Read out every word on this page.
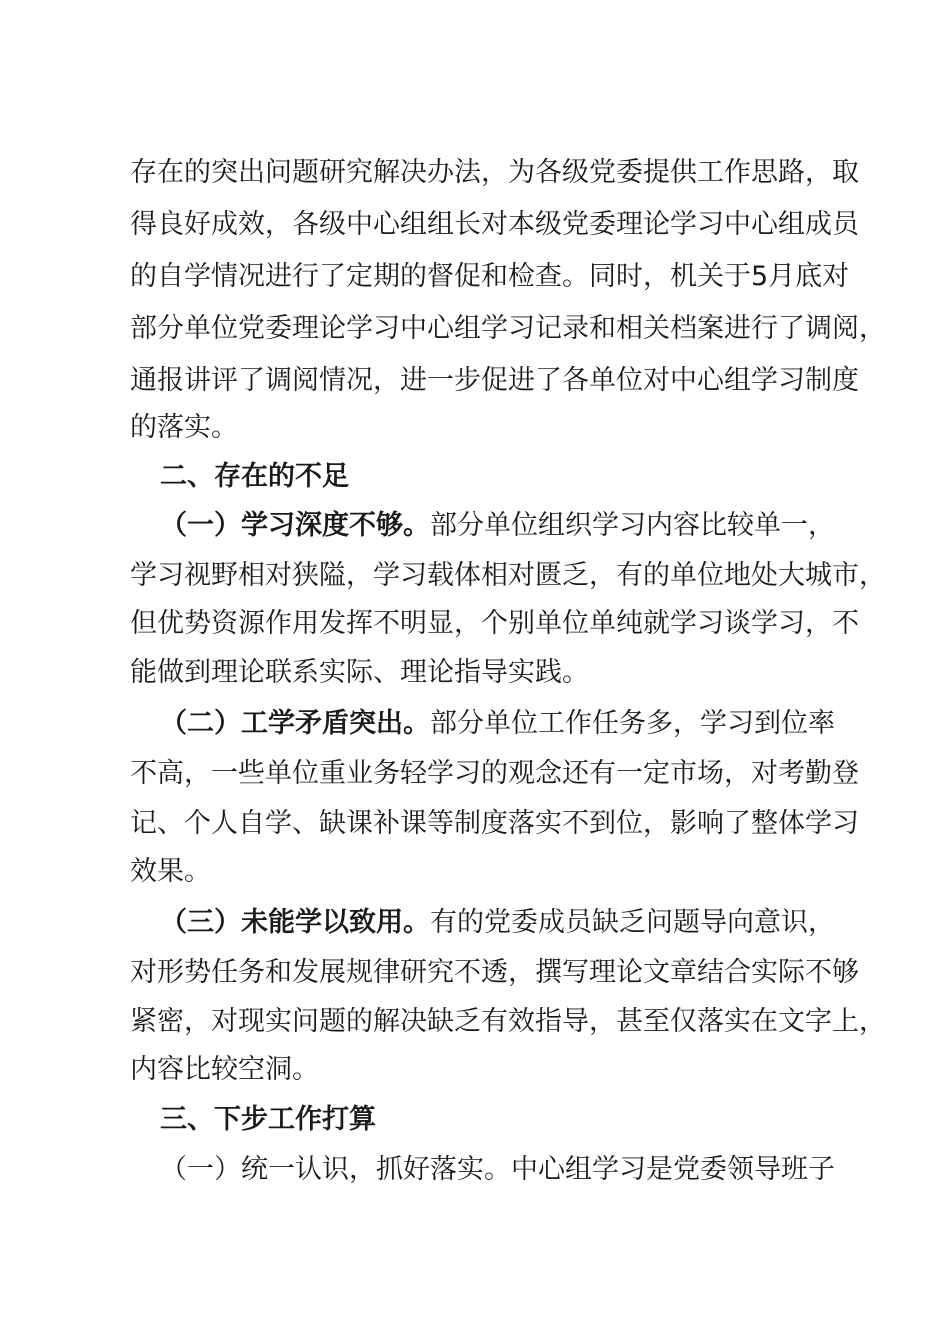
存在的突出问题研究解决办法，为各级党委提供工作思路，取
得良好成效，各级中心组组长对本级党委理论学习中心组成员
的自学情况进行了定期的督促和检查。同时，机关于5月底对
部分单位党委理论学习中心组学习记录和相关档案进行了调阅，
通报讲评了调阅情况，进一步促进了各单位对中心组学习制度
的落实。
二、存在的不足
（一）学习深度不够。部分单位组织学习内容比较单一，
学习视野相对狭隘，学习载体相对匮乏，有的单位地处大城市，
但优势资源作用发挥不明显，个别单位单纯就学习谈学习，不
能做到理论联系实际、理论指导实践。
（二）工学矛盾突出。部分单位工作任务多，学习到位率
不高，一些单位重业务轻学习的观念还有一定市场，对考勤登
记、个人自学、缺课补课等制度落实不到位，影响了整体学习
效果。
（三）未能学以致用。有的党委成员缺乏问题导向意识，
对形势任务和发展规律研究不透，撰写理论文章结合实际不够
紧密，对现实问题的解决缺乏有效指导，甚至仅落实在文字上，
内容比较空洞。
三、下步工作打算
（一）统一认识，抓好落实。中心组学习是党委领导班子
